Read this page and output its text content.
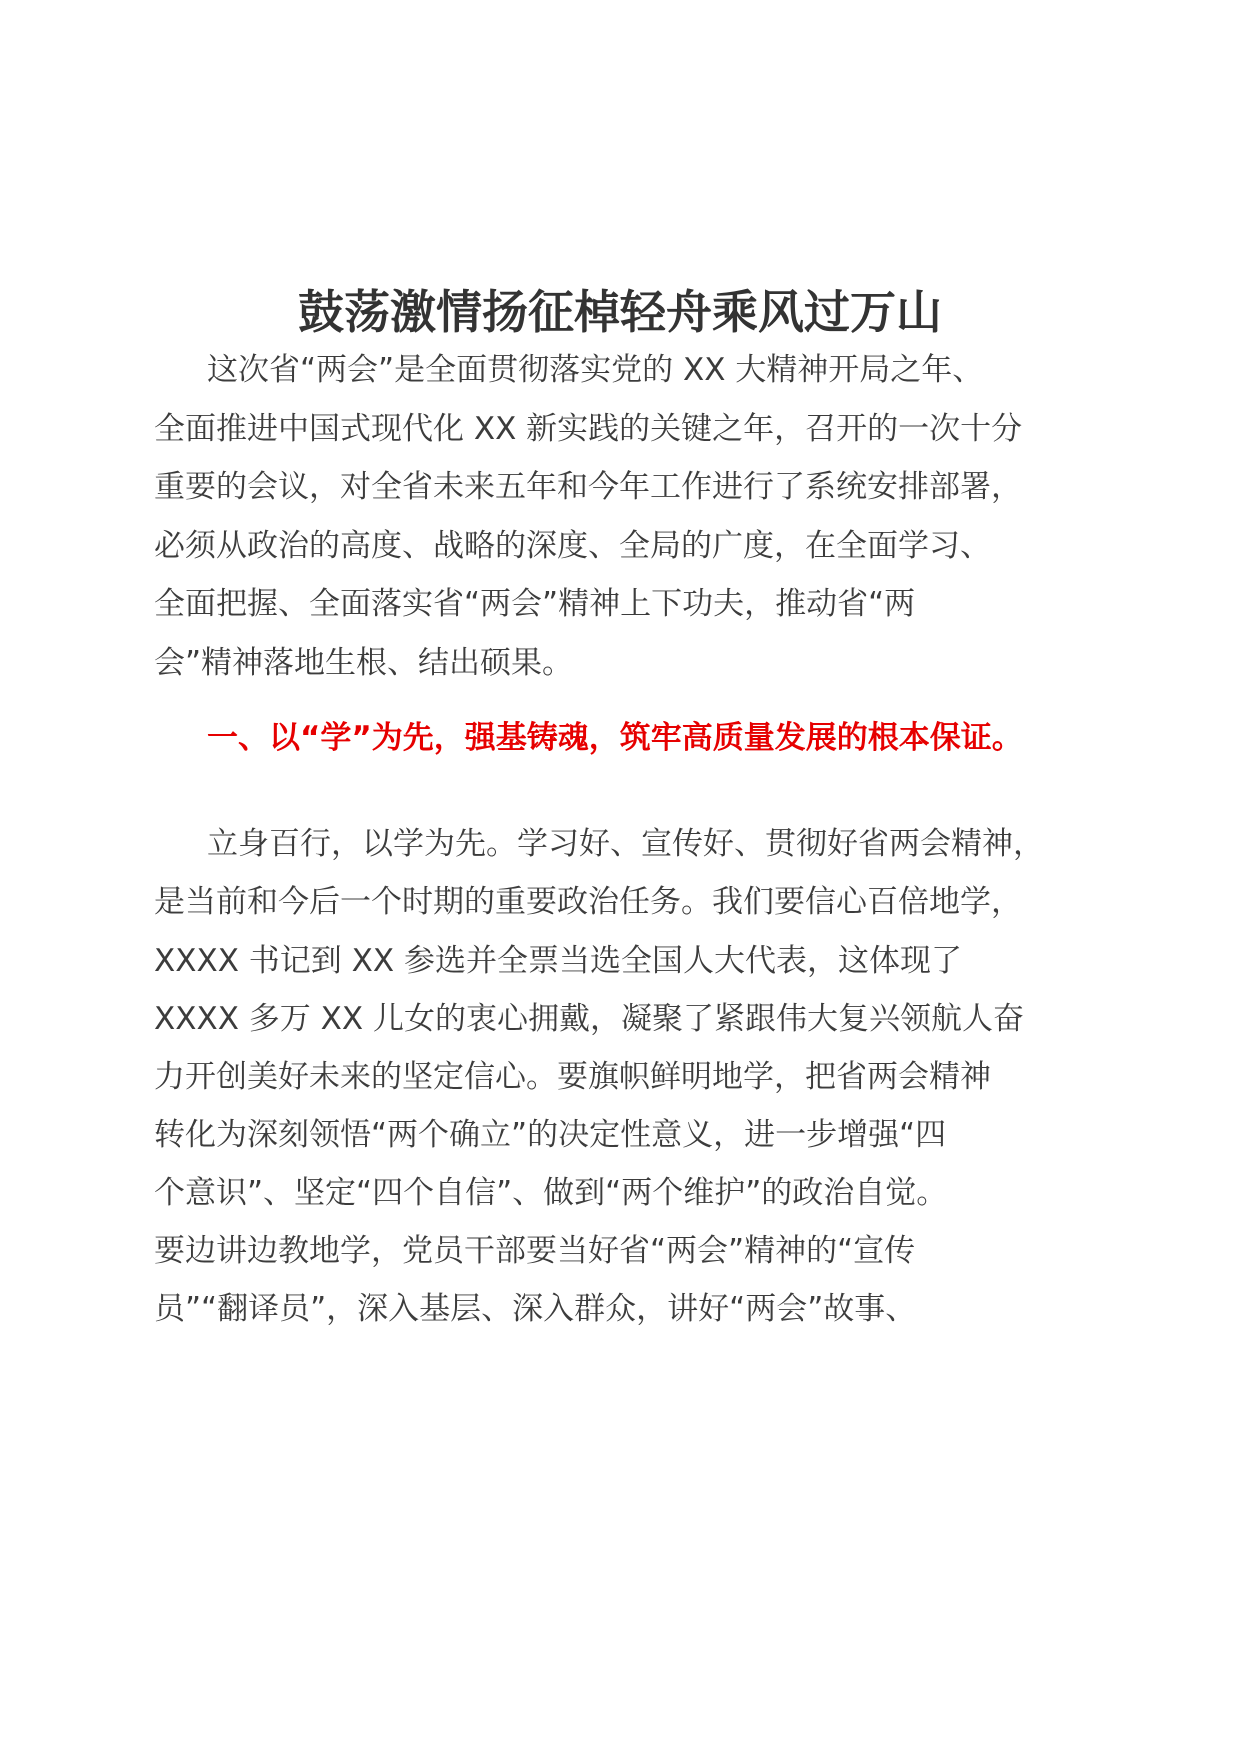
鼓荡激情扬征棹轻舟乘风过万山

这次省“两会”是全面贯彻落实党的 XX 大精神开局之年、

全面推进中国式现代化 XX 新实践的关键之年，召开的一次十分

重要的会议，对全省未来五年和今年工作进行了系统安排部署，

必须从政治的高度、战略的深度、全局的广度，在全面学习、

全面把握、全面落实省“两会”精神上下功夫，推动省“两

会”精神落地生根、结出硕果。

一、以“学”为先，强基铸魂，筑牢高质量发展的根本保证。

立身百行，以学为先。学习好、宣传好、贯彻好省两会精神，

是当前和今后一个时期的重要政治任务。我们要信心百倍地学，

XXXX 书记到 XX 参选并全票当选全国人大代表，这体现了

XXXX 多万 XX 儿女的衷心拥戴，凝聚了紧跟伟大复兴领航人奋

力开创美好未来的坚定信心。要旗帜鲜明地学，把省两会精神

转化为深刻领悟“两个确立”的决定性意义，进一步增强“四

个意识”、坚定“四个自信”、做到“两个维护”的政治自觉。

要边讲边教地学，党员干部要当好省“两会”精神的“宣传

员”“翻译员”，深入基层、深入群众，讲好“两会”故事、
